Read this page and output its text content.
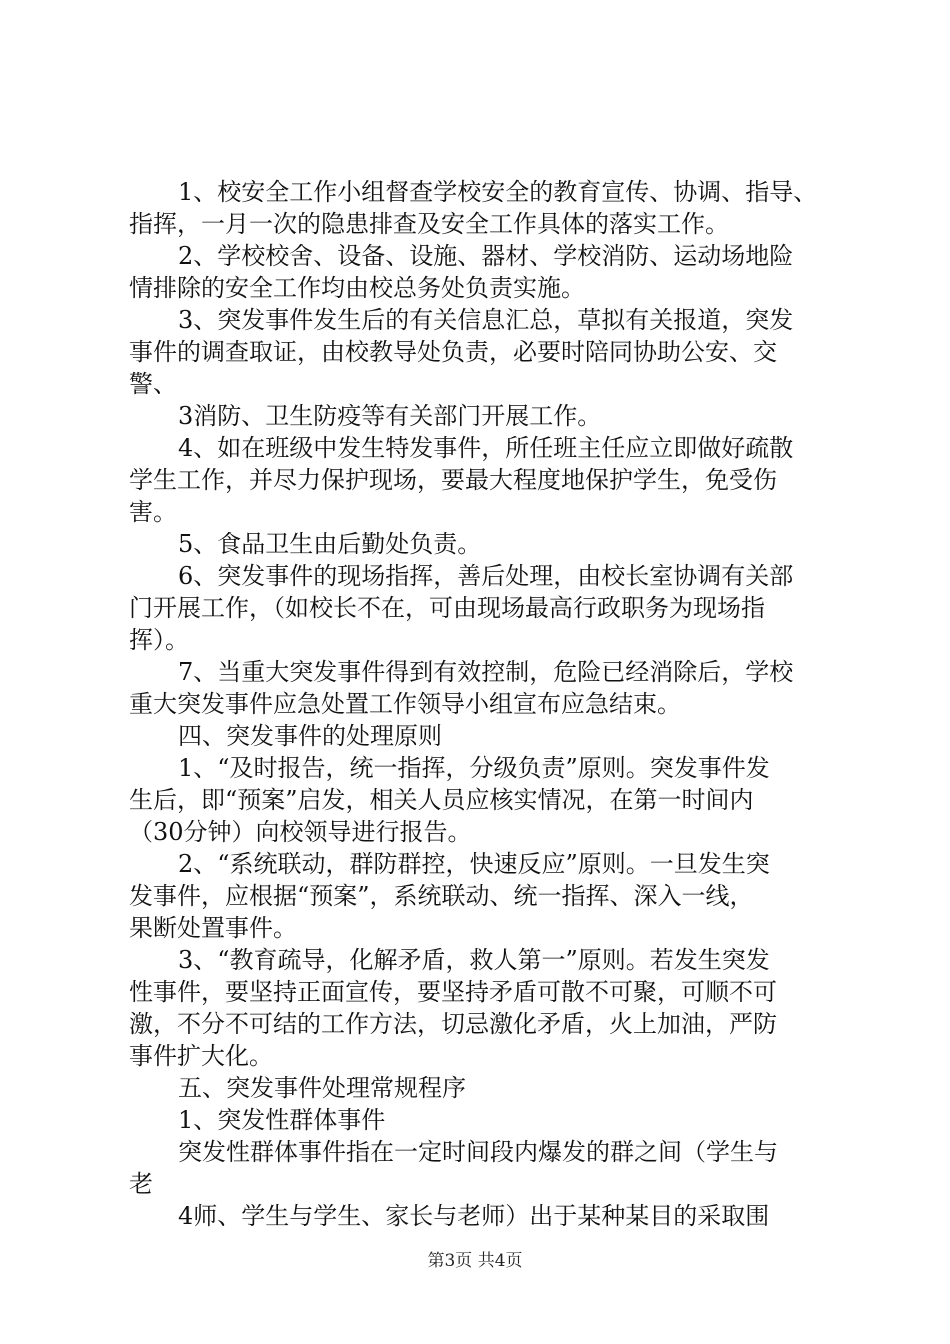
1、校安全工作小组督查学校安全的教育宣传、协调、指导、

指挥，一月一次的隐患排查及安全工作具体的落实工作。

2、学校校舍、设备、设施、器材、学校消防、运动场地险

情排除的安全工作均由校总务处负责实施。

3、突发事件发生后的有关信息汇总，草拟有关报道，突发

事件的调查取证，由校教导处负责，必要时陪同协助公安、交

警、

3消防、卫生防疫等有关部门开展工作。

4、如在班级中发生特发事件，所任班主任应立即做好疏散

学生工作，并尽力保护现场，要最大程度地保护学生，免受伤

害。

5、食品卫生由后勤处负责。

6、突发事件的现场指挥，善后处理，由校长室协调有关部

门开展工作，（如校长不在，可由现场最高行政职务为现场指

挥）。

7、当重大突发事件得到有效控制，危险已经消除后，学校

重大突发事件应急处置工作领导小组宣布应急结束。

四、突发事件的处理原则

1、“及时报告，统一指挥，分级负责”原则。突发事件发

生后，即“预案”启发，相关人员应核实情况，在第一时间内

（30分钟）向校领导进行报告。

2、“系统联动，群防群控，快速反应”原则。一旦发生突

发事件，应根据“预案”，系统联动、统一指挥、深入一线，

果断处置事件。

3、“教育疏导，化解矛盾，救人第一”原则。若发生突发

性事件，要坚持正面宣传，要坚持矛盾可散不可聚，可顺不可

激，不分不可结的工作方法，切忌激化矛盾，火上加油，严防

事件扩大化。

五、突发事件处理常规程序

1、突发性群体事件

突发性群体事件指在一定时间段内爆发的群之间（学生与

老

4师、学生与学生、家长与老师）出于某种某目的采取围

第3页 共4页
